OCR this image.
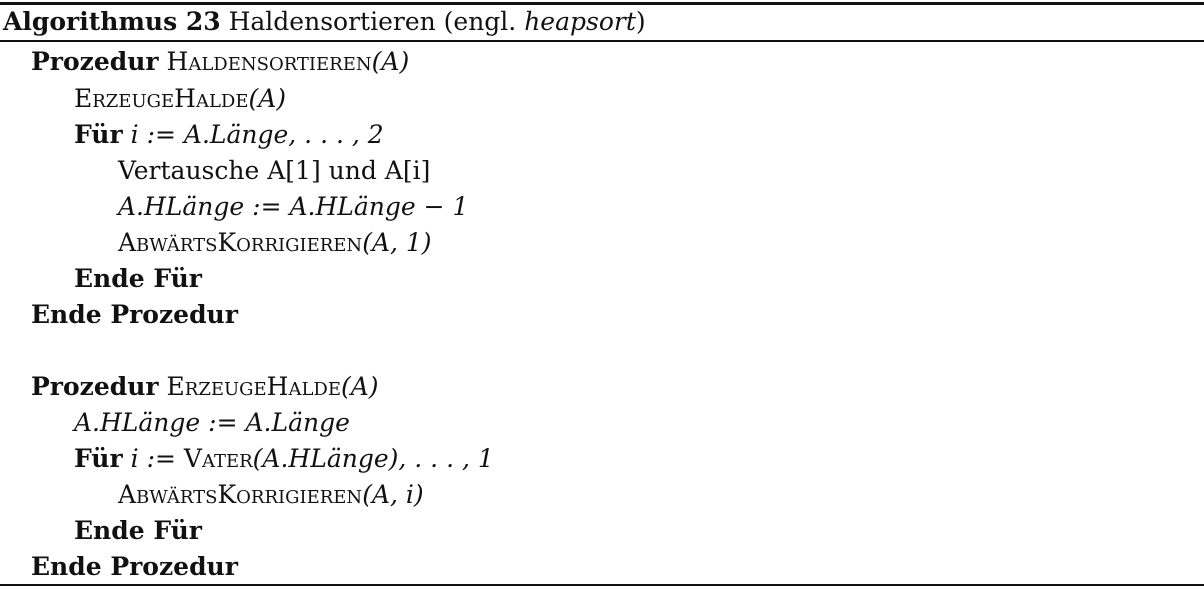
Algorithmus 23 Haldensortieren (engl. heapsort)
Prozedur Haldensortieren(A)
ErzeugeHalde(A)
Für i := A.Länge, . . . , 2
Vertausche A[1] und A[i]
A.HLänge := A.HLänge − 1
AbwärtsKorrigieren(A, 1)
Ende Für
Ende Prozedur
Prozedur ErzeugeHalde(A)
A.HLänge := A.Länge
Für i := Vater(A.HLänge), . . . , 1
AbwärtsKorrigieren(A, i)
Ende Für
Ende Prozedur
